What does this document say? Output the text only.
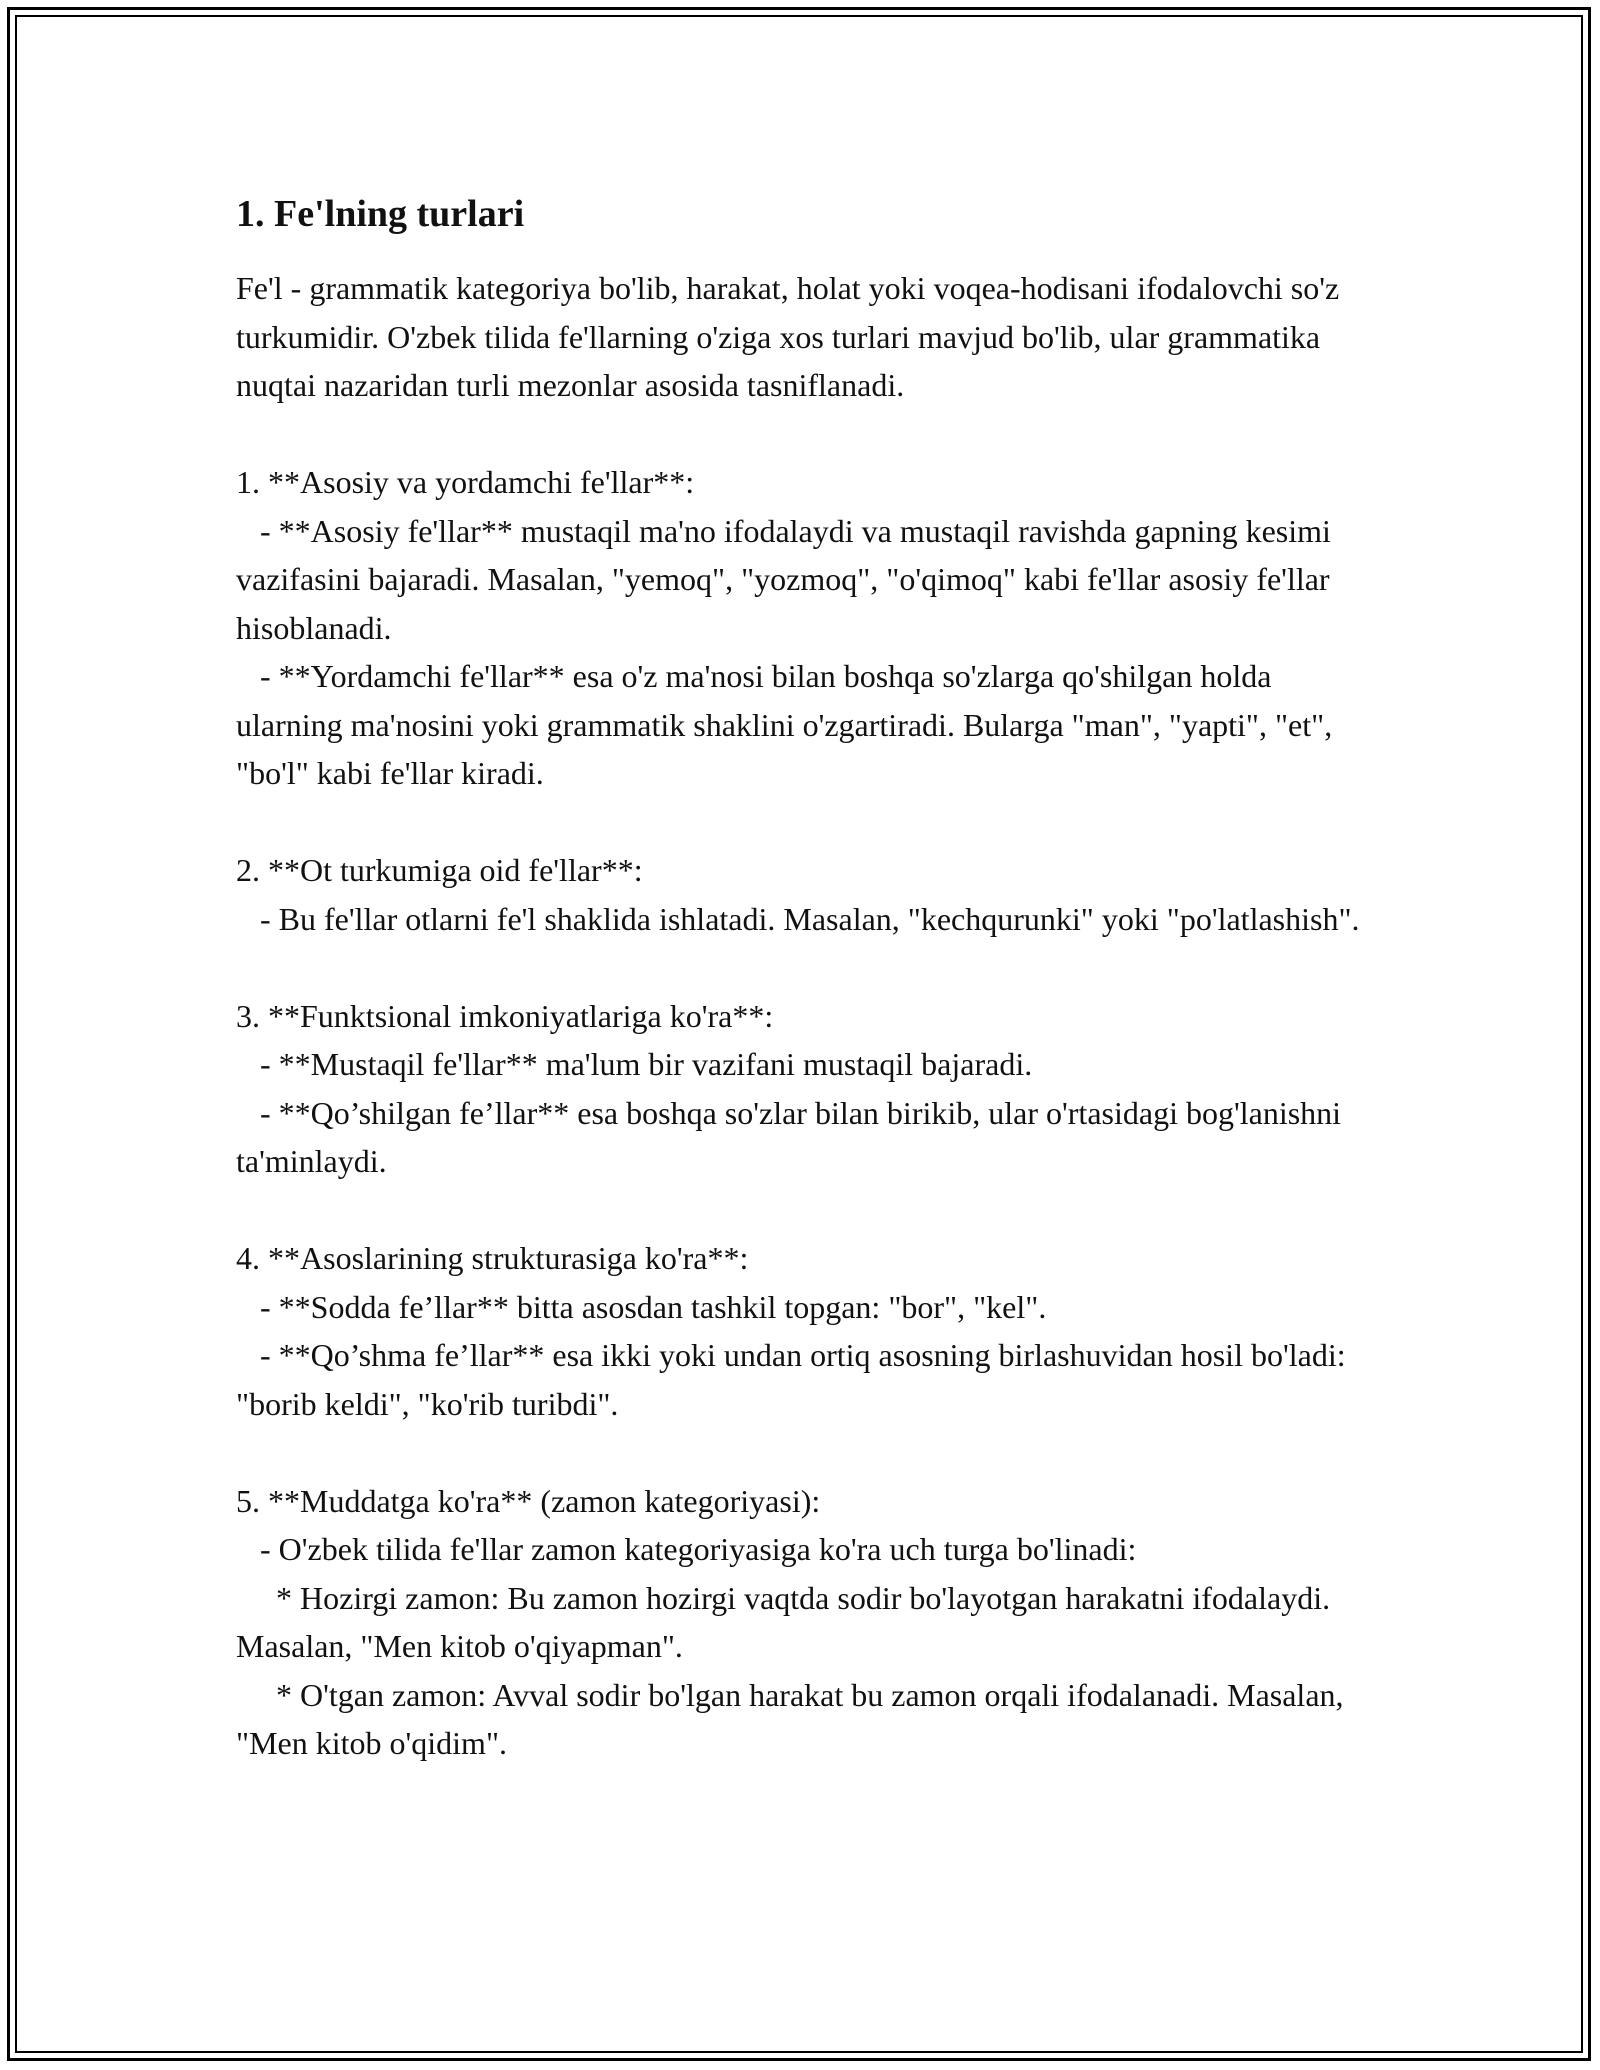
1. Fe'lning turlari

Fe'l - grammatik kategoriya bo'lib, harakat, holat yoki voqea-hodisani ifodalovchi so'z turkumidir. O'zbek tilida fe'llarning o'ziga xos turlari mavjud bo'lib, ular grammatika nuqtai nazaridan turli mezonlar asosida tasniflanadi.

1. **Asosiy va yordamchi fe'llar**:

- **Asosiy fe'llar** mustaqil ma'no ifodalaydi va mustaqil ravishda gapning kesimi vazifasini bajaradi. Masalan, "yemoq", "yozmoq", "o'qimoq" kabi fe'llar asosiy fe'llar hisoblanadi.

- **Yordamchi fe'llar** esa o'z ma'nosi bilan boshqa so'zlarga qo'shilgan holda ularning ma'nosini yoki grammatik shaklini o'zgartiradi. Bularga "man", "yapti", "et", "bo'l" kabi fe'llar kiradi.

2. **Ot turkumiga oid fe'llar**:

- Bu fe'llar otlarni fe'l shaklida ishlatadi. Masalan, "kechqurunki" yoki "po'latlashish".

3. **Funktsional imkoniyatlariga ko'ra**:

- **Mustaqil fe'llar** ma'lum bir vazifani mustaqil bajaradi.

- **Qo’shilgan fe’llar** esa boshqa so'zlar bilan birikib, ular o'rtasidagi bog'lanishni ta'minlaydi.

4. **Asoslarining strukturasiga ko'ra**:

- **Sodda fe’llar** bitta asosdan tashkil topgan: "bor", "kel".

- **Qo’shma fe’llar** esa ikki yoki undan ortiq asosning birlashuvidan hosil bo'ladi: "borib keldi", "ko'rib turibdi".

5. **Muddatga ko'ra** (zamon kategoriyasi):

- O'zbek tilida fe'llar zamon kategoriyasiga ko'ra uch turga bo'linadi:

* Hozirgi zamon: Bu zamon hozirgi vaqtda sodir bo'layotgan harakatni ifodalaydi. Masalan, "Men kitob o'qiyapman".

* O'tgan zamon: Avval sodir bo'lgan harakat bu zamon orqali ifodalanadi. Masalan, "Men kitob o'qidim".
